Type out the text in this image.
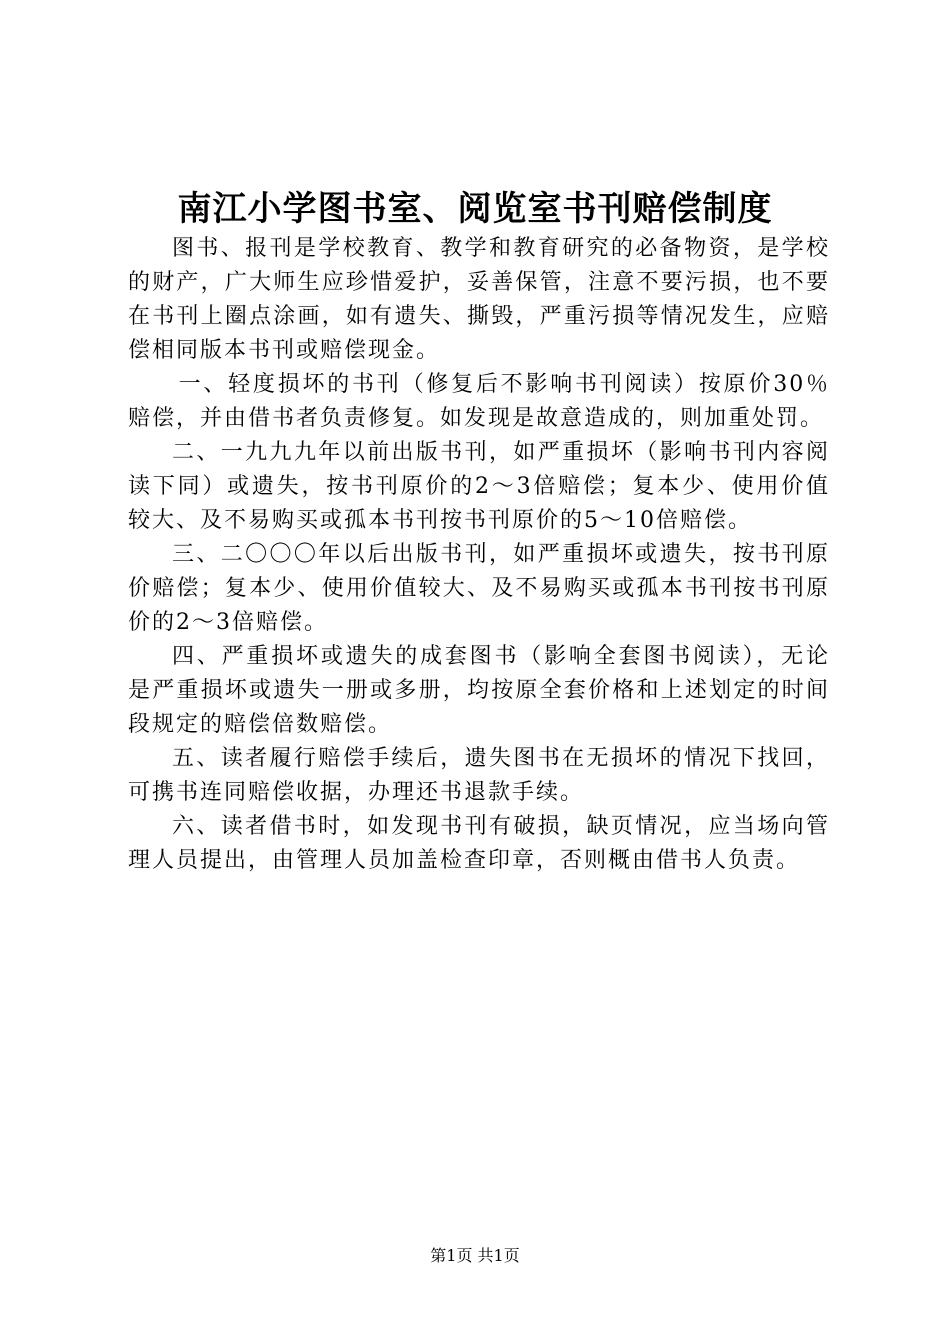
南江小学图书室、阅览室书刊赔偿制度

图书、报刊是学校教育、教学和教育研究的必备物资，是学校的财产，广大师生应珍惜爱护，妥善保管，注意不要污损，也不要在书刊上圈点涂画，如有遗失、撕毁，严重污损等情况发生，应赔偿相同版本书刊或赔偿现金。

一、轻度损坏的书刊（修复后不影响书刊阅读）按原价30％赔偿，并由借书者负责修复。如发现是故意造成的，则加重处罚。

二、一九九九年以前出版书刊，如严重损坏（影响书刊内容阅读下同）或遗失，按书刊原价的2～3倍赔偿；复本少、使用价值较大、及不易购买或孤本书刊按书刊原价的5～10倍赔偿。

三、二〇〇〇年以后出版书刊，如严重损坏或遗失，按书刊原价赔偿；复本少、使用价值较大、及不易购买或孤本书刊按书刊原价的2～3倍赔偿。

四、严重损坏或遗失的成套图书（影响全套图书阅读），无论是严重损坏或遗失一册或多册，均按原全套价格和上述划定的时间段规定的赔偿倍数赔偿。

五、读者履行赔偿手续后，遗失图书在无损坏的情况下找回，可携书连同赔偿收据，办理还书退款手续。

六、读者借书时，如发现书刊有破损，缺页情况，应当场向管理人员提出，由管理人员加盖检查印章，否则概由借书人负责。

第1页 共1页
